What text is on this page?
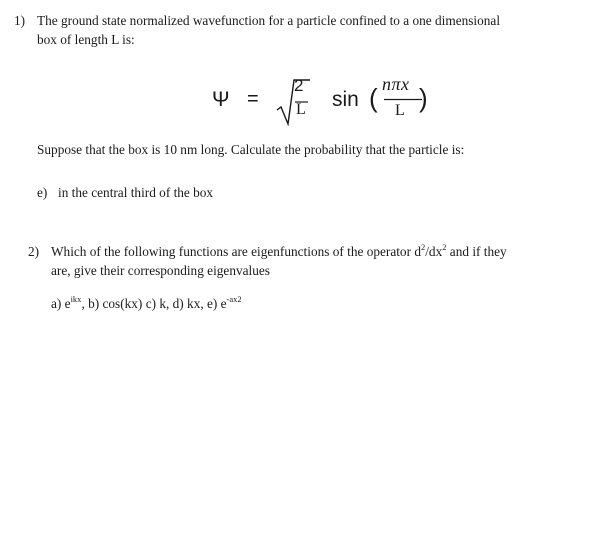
1) The ground state normalized wavefunction for a particle confined to a one dimensional
box of length L is:
Ψ =
2
L sin ( nπx
L )
Suppose that the box is 10 nm long. Calculate the probability that the particle is:
e) in the central third of the box
2) Which of the following functions are eigenfunctions of the operator $d^2/dx^2$ and if they
are, give their corresponding eigenvalues
a) $e^{ikx}$, b) cos(kx) c) k, d) kx, e) $e^{-ax2}$
